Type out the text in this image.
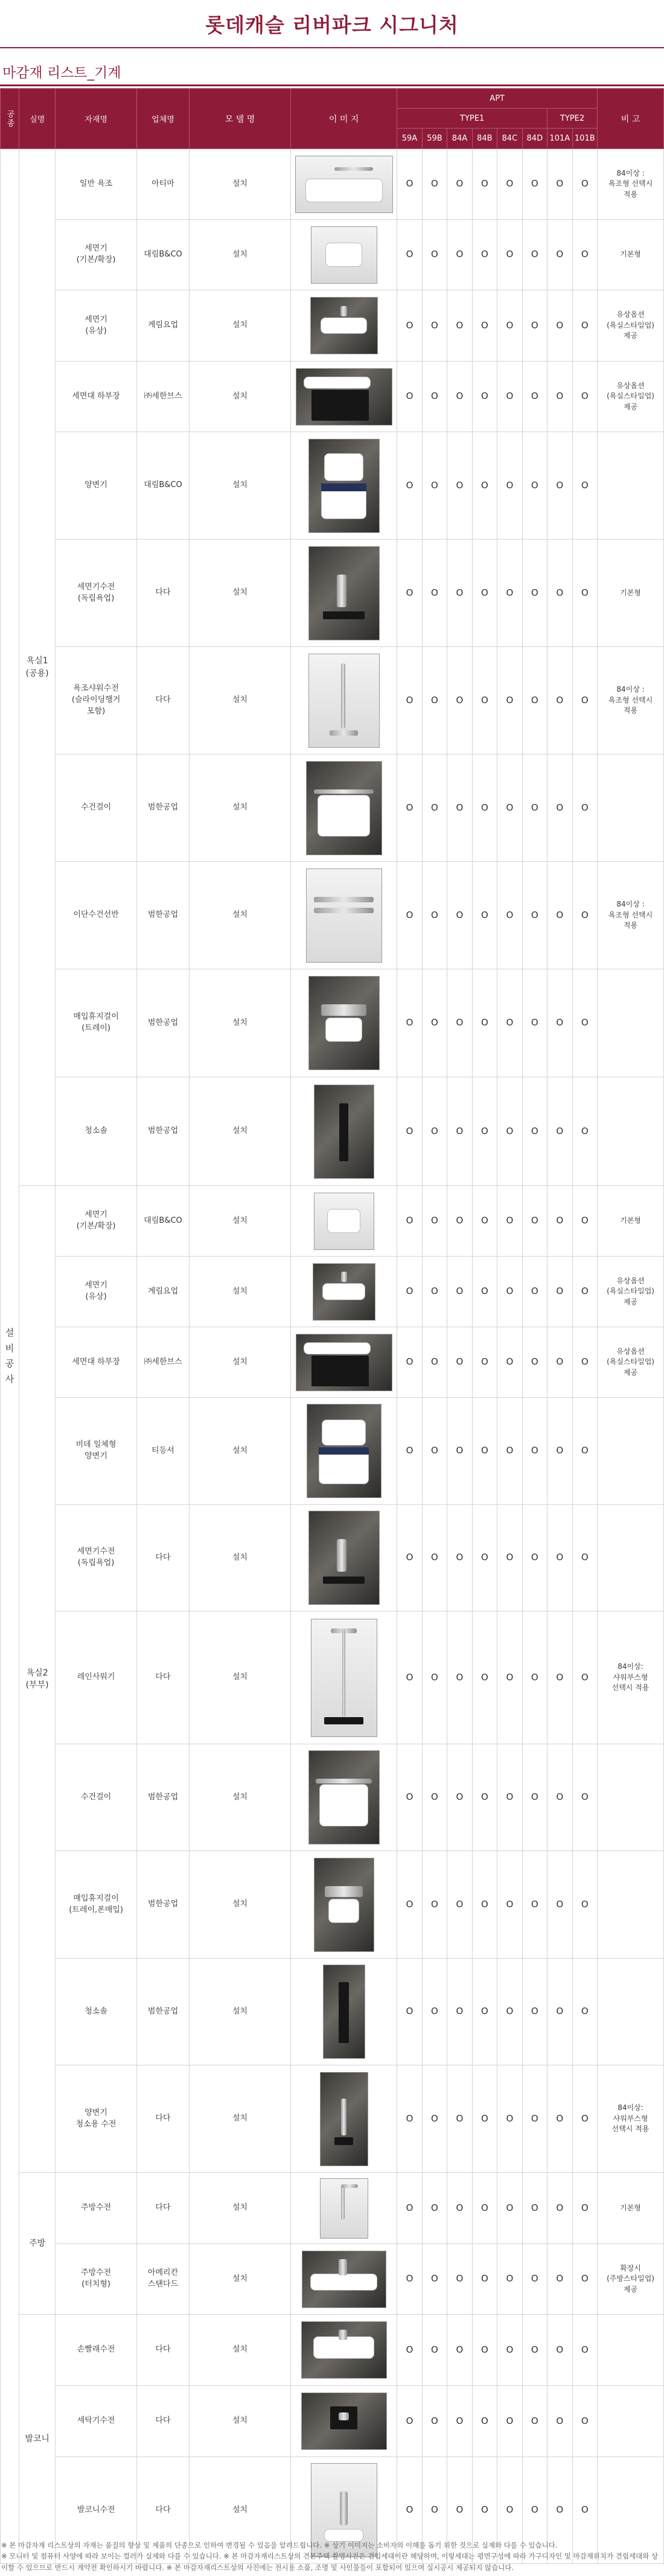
롯데캐슬 리버파크 시그니처
마감재 리스트_기계
공종	실명	자재명	업체명	모 델 명	이 미 지	APT								비 고
						TYPE1						TYPE2		
						59A	59B	84A	84B	84C	84D	101A	101B	

설
비
공
사	욕실1
(공용)	일반 욕조	아티마	설치		O	O	O	O	O	O	O	O	84이상 :
욕조형 선택시
적용
		세면기
(기본/확장)	대림B&CO	설치		O	O	O	O	O	O	O	O	기본형
		세면기
(유상)	계림요업	설치		O	O	O	O	O	O	O	O	유상옵션
(욕실스타일업)
제공
		세면대 하부장	㈜세한브스	설치		O	O	O	O	O	O	O	O	유상옵션
(욕실스타일업)
제공
		양변기	대림B&CO	설치		O	O	O	O	O	O	O	O	
		세면기수전
(독립욕업)	다다	설치		O	O	O	O	O	O	O	O	기본형
		욕조샤워수전
(슬라이딩행거
포함)	다다	설치		O	O	O	O	O	O	O	O	84이상 :
욕조형 선택시
적용
		수건걸이	범한공업	설치		O	O	O	O	O	O	O	O	
		이단수건선반	범한공업	설치		O	O	O	O	O	O	O	O	84이상 :
욕조형 선택시
적용
		매입휴지걸이
(트레이)	범한공업	설치		O	O	O	O	O	O	O	O	
		청소솔	범한공업	설치		O	O	O	O	O	O	O	O	
	욕실2
(부부)	세면기
(기본/확장)	대림B&CO	설치		O	O	O	O	O	O	O	O	기본형
		세면기
(유상)	계림요업	설치		O	O	O	O	O	O	O	O	유상옵션
(욕실스타일업)
제공
		세면대 하부장	㈜세한브스	설치		O	O	O	O	O	O	O	O	유상옵션
(욕실스타일업)
제공
		비데 일체형
양변기	티등셔	설치		O	O	O	O	O	O	O	O	
		세면기수전
(독립욕업)	다다	설치		O	O	O	O	O	O	O	O	
		레인사워기	다다	설치		O	O	O	O	O	O	O	O	84이상:
샤워부스형
선택시 적용
		수건걸이	범한공업	설치		O	O	O	O	O	O	O	O	
		매입휴지걸이
(트레이,폰매입)	범한공업	설치		O	O	O	O	O	O	O	O	
		청소솔	범한공업	설치		O	O	O	O	O	O	O	O	
		양변기
청소용 수전	다다	설치		O	O	O	O	O	O	O	O	84이상:
샤워부스형
선택시 적용
	주방	주방수전	다다	설치		O	O	O	O	O	O	O	O	기본형
		주방수전
(터치형)	아메리칸
스탠다드	설치		O	O	O	O	O	O	O	O	확장시
(주방스타일업)
제공
	발코니	손빨래수전	다다	설치		O	O	O	O	O	O	O	O	
		세탁기수전	다다	설치		O	O	O	O	O	O	O	O	
		발코니수전	다다	설치		O	O	O	O	O	O	O	O	

※ 본 마감자재 리스트상의 자재는 품질의 향상 및 제품의 단종으로 인하여 변경될 수 있음을 알려드립니다. ※ 상기 이미지는 소비자의 이해를 돕기 위한 것으로 실제와 다를 수 있습니다.

※ 모니터 및 컴퓨터 사양에 따라 보이는 컬러가 실제와 다를 수 있습니다. ※ 본 마감자재리스트상의 견본주택 촬영사진은 견입세대이란 해당하며, 이렇세대는 평면구성에 따라 가구디자인 및 마감재위치가 견립세대와 상이할 수 있으므로 반드시 계약전 확인하시기 바랍니다. ※ 본 마감자재리스트상의 사진에는 전시용 소품, 조명 및 사인물들이 포함되어 있으며 실시공시 제공되지 않습니다.
